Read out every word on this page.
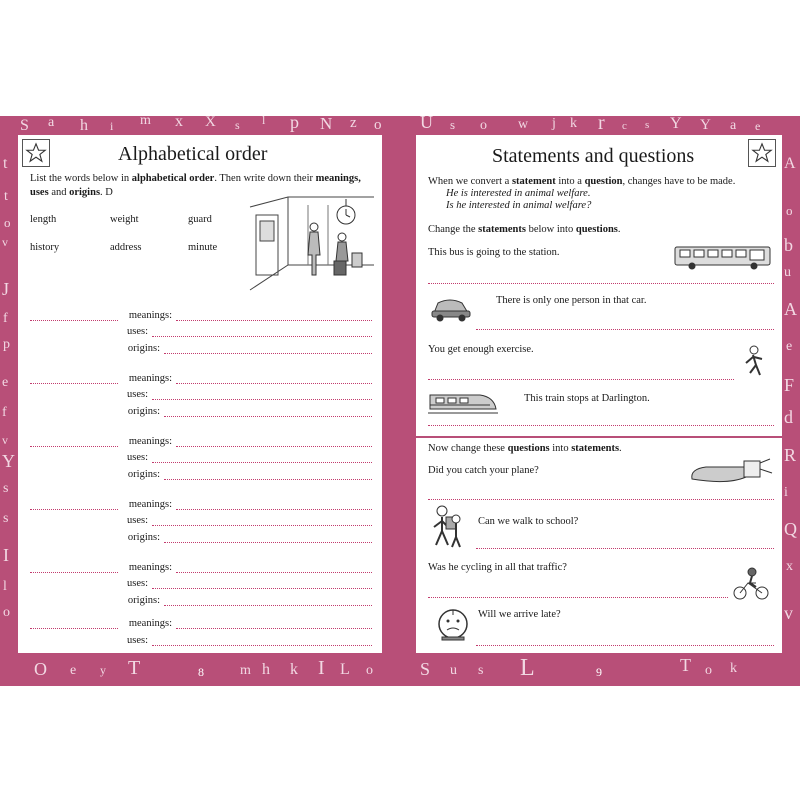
S a h i m x X s l p N z o U s o w j k r c s Y Y a e
t
t
o
v
J
f
p
e
f
v
Y
s
s
I
l
o
A
o
b
u
A
e
F
d
R
i
Q
x
v
O e y T	m h k I L o	S u s L	T o k
8	9
Alphabetical order
List the words below in alphabetical order. Then write down their meanings, uses and origins. D
length	weight	guard
history	address	minute
meanings:
uses:
origins:
meanings:
uses:
origins:
meanings:
uses:
origins:
meanings:
uses:
origins:
meanings:
uses:
origins:
meanings:
uses:
Statements and questions
When we convert a statement into a question, changes have to be made.
He is interested in animal welfare.
Is he interested in animal welfare?
Change the statements below into questions.
This bus is going to the station.
There is only one person in that car.
You get enough exercise.
This train stops at Darlington.
Now change these questions into statements.
Did you catch your plane?
Can we walk to school?
Was he cycling in all that traffic?
Will we arrive late?
